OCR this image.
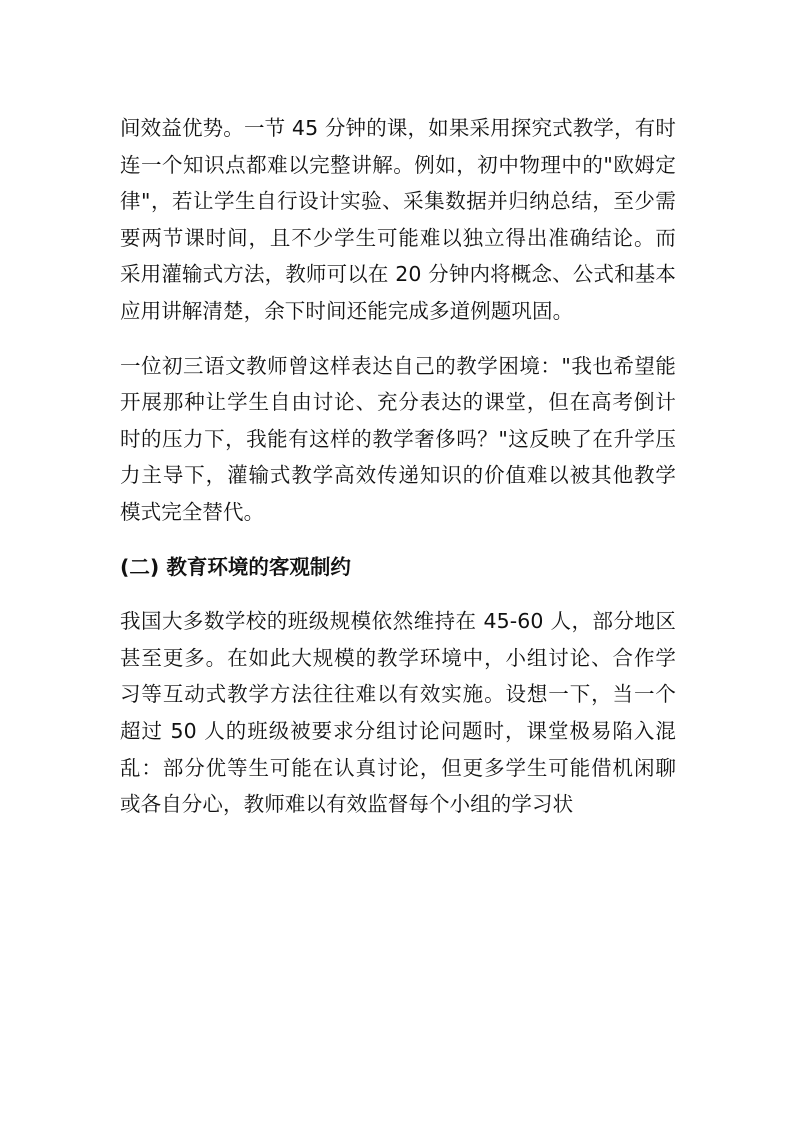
间效益优势。一节 45 分钟的课，如果采用探究式教学，有时连一个知识点都难以完整讲解。例如，初中物理中的"欧姆定律"，若让学生自行设计实验、采集数据并归纳总结，至少需要两节课时间，且不少学生可能难以独立得出准确结论。而采用灌输式方法，教师可以在 20 分钟内将概念、公式和基本应用讲解清楚，余下时间还能完成多道例题巩固。

一位初三语文教师曾这样表达自己的教学困境："我也希望能开展那种让学生自由讨论、充分表达的课堂，但在高考倒计时的压力下，我能有这样的教学奢侈吗？"这反映了在升学压力主导下，灌输式教学高效传递知识的价值难以被其他教学模式完全替代。

(二) 教育环境的客观制约

我国大多数学校的班级规模依然维持在 45-60 人，部分地区甚至更多。在如此大规模的教学环境中，小组讨论、合作学习等互动式教学方法往往难以有效实施。设想一下，当一个超过 50 人的班级被要求分组讨论问题时，课堂极易陷入混乱：部分优等生可能在认真讨论，但更多学生可能借机闲聊或各自分心，教师难以有效监督每个小组的学习状
